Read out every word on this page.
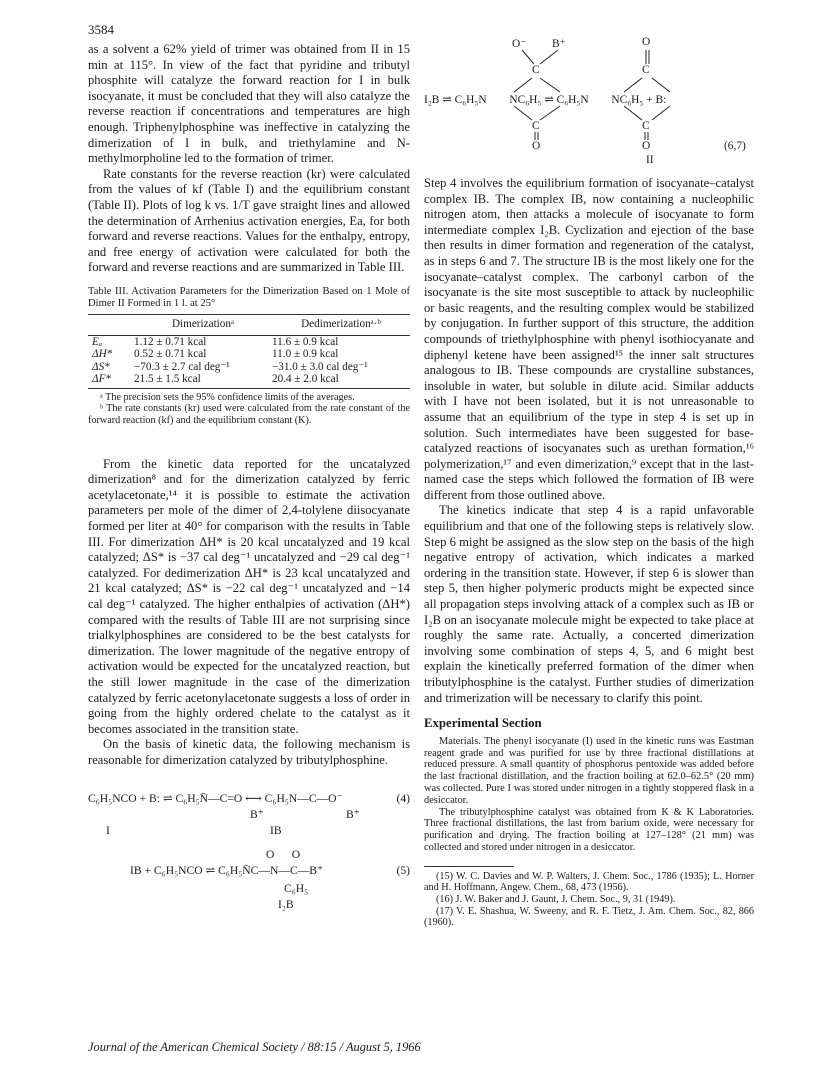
3584

as a solvent a 62% yield of trimer was obtained from II in 15 min at 115°. In view of the fact that pyridine and tributyl phosphite will catalyze the forward reaction for I in bulk isocyanate, it must be concluded that they will also catalyze the reverse reaction if concentrations and temperatures are high enough. Triphenylphosphine was ineffective in catalyzing the dimerization of I in bulk, and triethylamine and N-methylmorpholine led to the formation of trimer.

Rate constants for the reverse reaction (kr) were calculated from the values of kf (Table I) and the equilibrium constant (Table II). Plots of log k vs. 1/T gave straight lines and allowed the determination of Arrhenius activation energies, Ea, for both forward and reverse reactions. Values for the enthalpy, entropy, and free energy of activation were calculated for both the forward and reverse reactions and are summarized in Table III.

Table III. Activation Parameters for the Dimerization Based on 1 Mole of Dimer II Formed in 1 l. at 25°
	Dimerizationᵃ	Dedimerizationᵃ·ᵇ
Eₐ	1.12 ± 0.71 kcal	11.6 ± 0.9 kcal
ΔH*	0.52 ± 0.71 kcal	11.0 ± 0.9 kcal
ΔS*	−70.3 ± 2.7 cal deg⁻¹	−31.0 ± 3.0 cal deg⁻¹
ΔF*	21.5 ± 1.5 kcal	20.4 ± 2.0 kcal
ᵃ The precision sets the 95% confidence limits of the averages.
ᵇ The rate constants (kr) used were calculated from the rate constant of the forward reaction (kf) and the equilibrium constant (K).

From the kinetic data reported for the uncatalyzed dimerization⁸ and for the dimerization catalyzed by ferric acetylacetonate,¹⁴ it is possible to estimate the activation parameters per mole of the dimer of 2,4-tolylene diisocyanate formed per liter at 40° for comparison with the results in Table III. For dimerization ΔH* is 20 kcal uncatalyzed and 19 kcal catalyzed; ΔS* is −37 cal deg⁻¹ uncatalyzed and −29 cal deg⁻¹ catalyzed. For dedimerization ΔH* is 23 kcal uncatalyzed and 21 kcal catalyzed; ΔS* is −22 cal deg⁻¹ uncatalyzed and −14 cal deg⁻¹ catalyzed. The higher enthalpies of activation (ΔH*) compared with the results of Table III are not surprising since trialkylphosphines are considered to be the best catalysts for dimerization. The lower magnitude of the negative entropy of activation would be expected for the uncatalyzed reaction, but the still lower magnitude in the case of the dimerization catalyzed by ferric acetonylacetonate suggests a loss of order in going from the highly ordered chelate to the catalyst as it becomes associated in the transition state.

On the basis of kinetic data, the following mechanism is reasonable for dimerization catalyzed by tributylphosphine.

C₆H₅NCO + B: ⇌ C₆H₅N̄—C=O ⟷ C₆H₅N—C—O⁻	(4)
B⁺	B⁺
I	IB
O      O
IB + C₆H₅NCO ⇌ C₆H₅N̄C—N—C—B⁺	(5)
C₆H₅
I₂B
O⁻ B⁺	O
C	C
I₂B ⇌ C₆H₅N        NC₆H₅ ⇌ C₆H₅N        NC₆H₅ + B:
C	C
O	O	(6,7)
II

Step 4 involves the equilibrium formation of isocyanate–catalyst complex IB. The complex IB, now containing a nucleophilic nitrogen atom, then attacks a molecule of isocyanate to form intermediate complex I₂B. Cyclization and ejection of the base then results in dimer formation and regeneration of the catalyst, as in steps 6 and 7. The structure IB is the most likely one for the isocyanate–catalyst complex. The carbonyl carbon of the isocyanate is the site most susceptible to attack by nucleophilic or basic reagents, and the resulting complex would be stabilized by conjugation. In further support of this structure, the addition compounds of triethylphosphine with phenyl isothiocyanate and diphenyl ketene have been assigned¹⁵ the inner salt structures analogous to IB. These compounds are crystalline substances, insoluble in water, but soluble in dilute acid. Similar adducts with I have not been isolated, but it is not unreasonable to assume that an equilibrium of the type in step 4 is set up in solution. Such intermediates have been suggested for base-catalyzed reactions of isocyanates such as urethan formation,¹⁶ polymerization,¹⁷ and even dimerization,⁹ except that in the last-named case the steps which followed the formation of IB were different from those outlined above.

The kinetics indicate that step 4 is a rapid unfavorable equilibrium and that one of the following steps is relatively slow. Step 6 might be assigned as the slow step on the basis of the high negative entropy of activation, which indicates a marked ordering in the transition state. However, if step 6 is slower than step 5, then higher polymeric products might be expected since all propagation steps involving attack of a complex such as IB or I₂B on an isocyanate molecule might be expected to take place at roughly the same rate. Actually, a concerted dimerization involving some combination of steps 4, 5, and 6 might best explain the kinetically preferred formation of the dimer when tributylphosphine is the catalyst. Further studies of dimerization and trimerization will be necessary to clarify this point.

Experimental Section

Materials. The phenyl isocyanate (I) used in the kinetic runs was Eastman reagent grade and was purified for use by three fractional distillations at reduced pressure. A small quantity of phosphorus pentoxide was added before the last fractional distillation, and the fraction boiling at 62.0–62.5° (20 mm) was collected. Pure I was stored under nitrogen in a tightly stoppered flask in a desiccator.

The tributylphosphine catalyst was obtained from K & K Laboratories. Three fractional distillations, the last from barium oxide, were necessary for purification and drying. The fraction boiling at 127–128° (21 mm) was collected and stored under nitrogen in a desiccator.

(15) W. C. Davies and W. P. Walters, J. Chem. Soc., 1786 (1935); L. Horner and H. Hoffmann, Angew. Chem., 68, 473 (1956).
(16) J. W. Baker and J. Gaunt, J. Chem. Soc., 9, 31 (1949).
(17) V. E. Shashua, W. Sweeny, and R. F. Tietz, J. Am. Chem. Soc., 82, 866 (1960).
Journal of the American Chemical Society / 88:15 / August 5, 1966
